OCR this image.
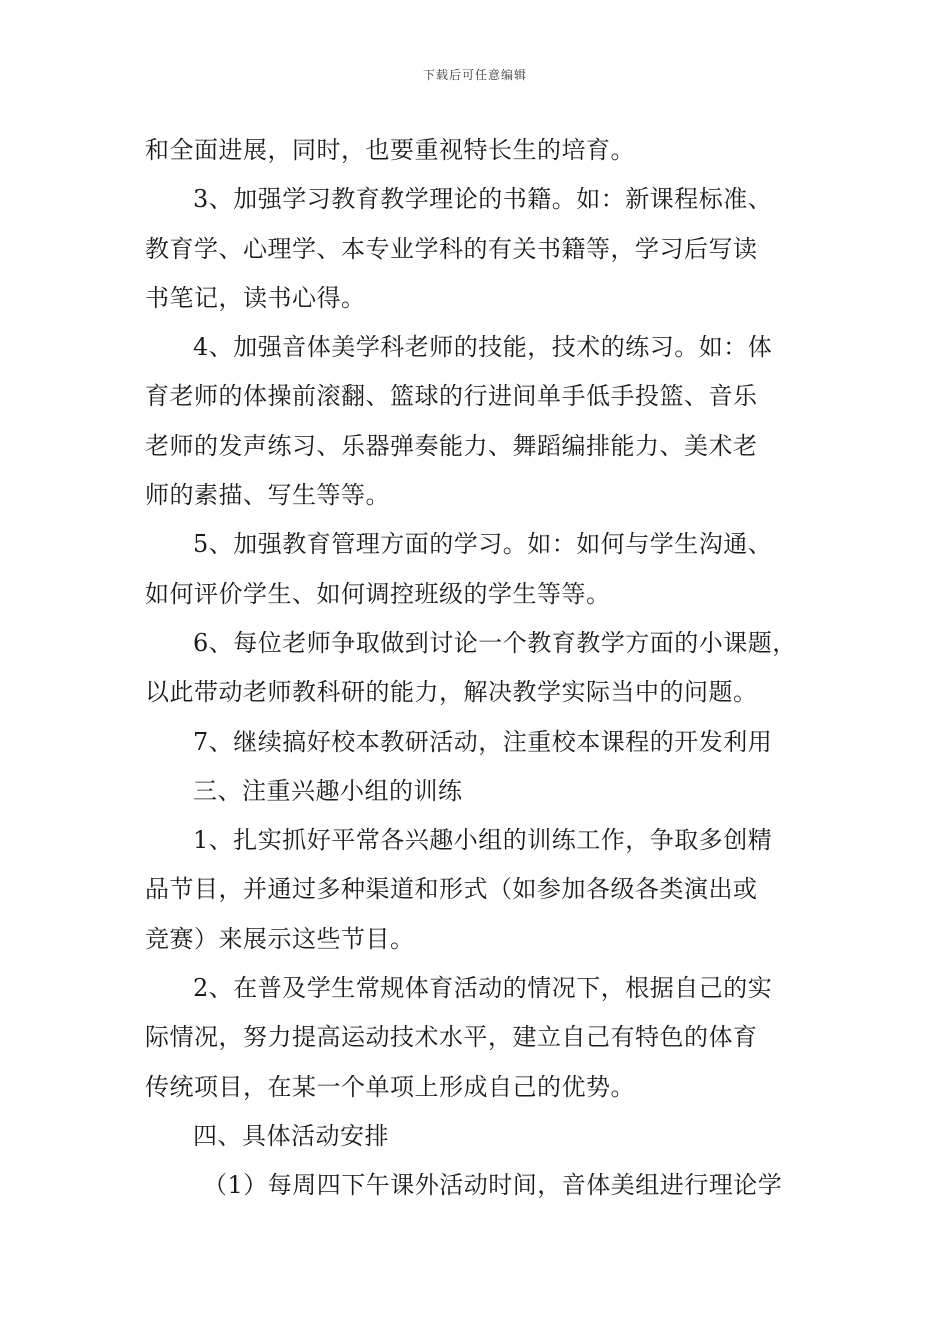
下载后可任意编辑
和全面进展，同时，也要重视特长生的培育。
3、加强学习教育教学理论的书籍。如：新课程标准、
教育学、心理学、本专业学科的有关书籍等，学习后写读
书笔记，读书心得。
4、加强音体美学科老师的技能，技术的练习。如：体
育老师的体操前滚翻、篮球的行进间单手低手投篮、音乐
老师的发声练习、乐器弹奏能力、舞蹈编排能力、美术老
师的素描、写生等等。
5、加强教育管理方面的学习。如：如何与学生沟通、
如何评价学生、如何调控班级的学生等等。
6、每位老师争取做到讨论一个教育教学方面的小课题，
以此带动老师教科研的能力，解决教学实际当中的问题。
7、继续搞好校本教研活动，注重校本课程的开发利用
三、注重兴趣小组的训练
1、扎实抓好平常各兴趣小组的训练工作，争取多创精
品节目，并通过多种渠道和形式（如参加各级各类演出或
竞赛）来展示这些节目。
2、在普及学生常规体育活动的情况下，根据自己的实
际情况，努力提高运动技术水平，建立自己有特色的体育
传统项目，在某一个单项上形成自己的优势。
四、具体活动安排
（1）每周四下午课外活动时间，音体美组进行理论学
